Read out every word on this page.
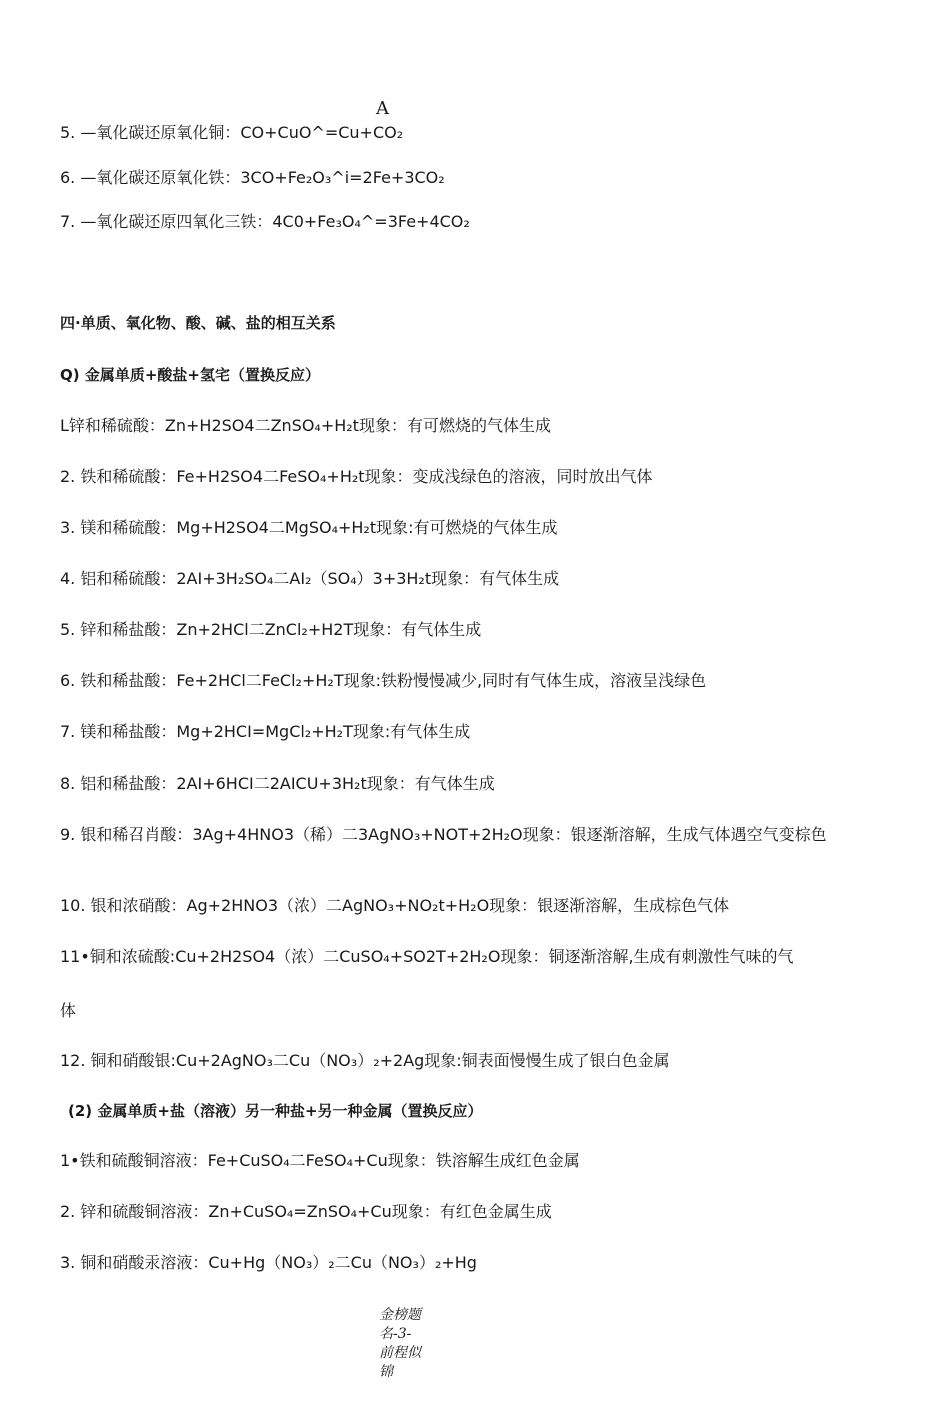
A
5. —氧化碳还原氧化铜：CO+CuO^=Cu+CO₂
6. —氧化碳还原氧化铁：3CO+Fe₂O₃^i=2Fe+3CO₂
7. —氧化碳还原四氧化三铁：4C0+Fe₃O₄^=3Fe+4CO₂
四·单质、氧化物、酸、碱、盐的相互关系
Q) 金属单质+酸盐+氢宅（置换反应）
L锌和稀硫酸：Zn+H2SO4二ZnSO₄+H₂t现象：有可燃烧的气体生成
2. 铁和稀硫酸：Fe+H2SO4二FeSO₄+H₂t现象：变成浅绿色的溶液，同时放出气体
3. 镁和稀硫酸：Mg+H2SO4二MgSO₄+H₂t现象:有可燃烧的气体生成
4. 铝和稀硫酸：2AI+3H₂SO₄二AI₂（SO₄）3+3H₂t现象：有气体生成
5. 锌和稀盐酸：Zn+2HCl二ZnCl₂+H2T现象：有气体生成
6. 铁和稀盐酸：Fe+2HCl二FeCl₂+H₂T现象:铁粉慢慢减少,同时有气体生成，溶液呈浅绿色
7. 镁和稀盐酸：Mg+2HCI=MgCl₂+H₂T现象:有气体生成
8. 铝和稀盐酸：2AI+6HCI二2AICU+3H₂t现象：有气体生成
9. 银和稀召肖酸：3Ag+4HNO3（稀）二3AgNO₃+NOT+2H₂O现象：银逐渐溶解，生成气体遇空气变棕色
10. 银和浓硝酸：Ag+2HNO3（浓）二AgNO₃+NO₂t+H₂O现象：银逐渐溶解，生成棕色气体
11•铜和浓硫酸:Cu+2H2SO4（浓）二CuSO₄+SO2T+2H₂O现象：铜逐渐溶解,生成有刺激性气味的气
体
12. 铜和硝酸银:Cu+2AgNO₃二Cu（NO₃）₂+2Ag现象:铜表面慢慢生成了银白色金属
(2) 金属单质+盐（溶液）另一种盐+另一种金属（置换反应）
1•铁和硫酸铜溶液：Fe+CuSO₄二FeSO₄+Cu现象：铁溶解生成红色金属
2. 锌和硫酸铜溶液：Zn+CuSO₄=ZnSO₄+Cu现象：有红色金属生成
3. 铜和硝酸汞溶液：Cu+Hg（NO₃）₂二Cu（NO₃）₂+Hg
金榜题名-3-前程似锦
